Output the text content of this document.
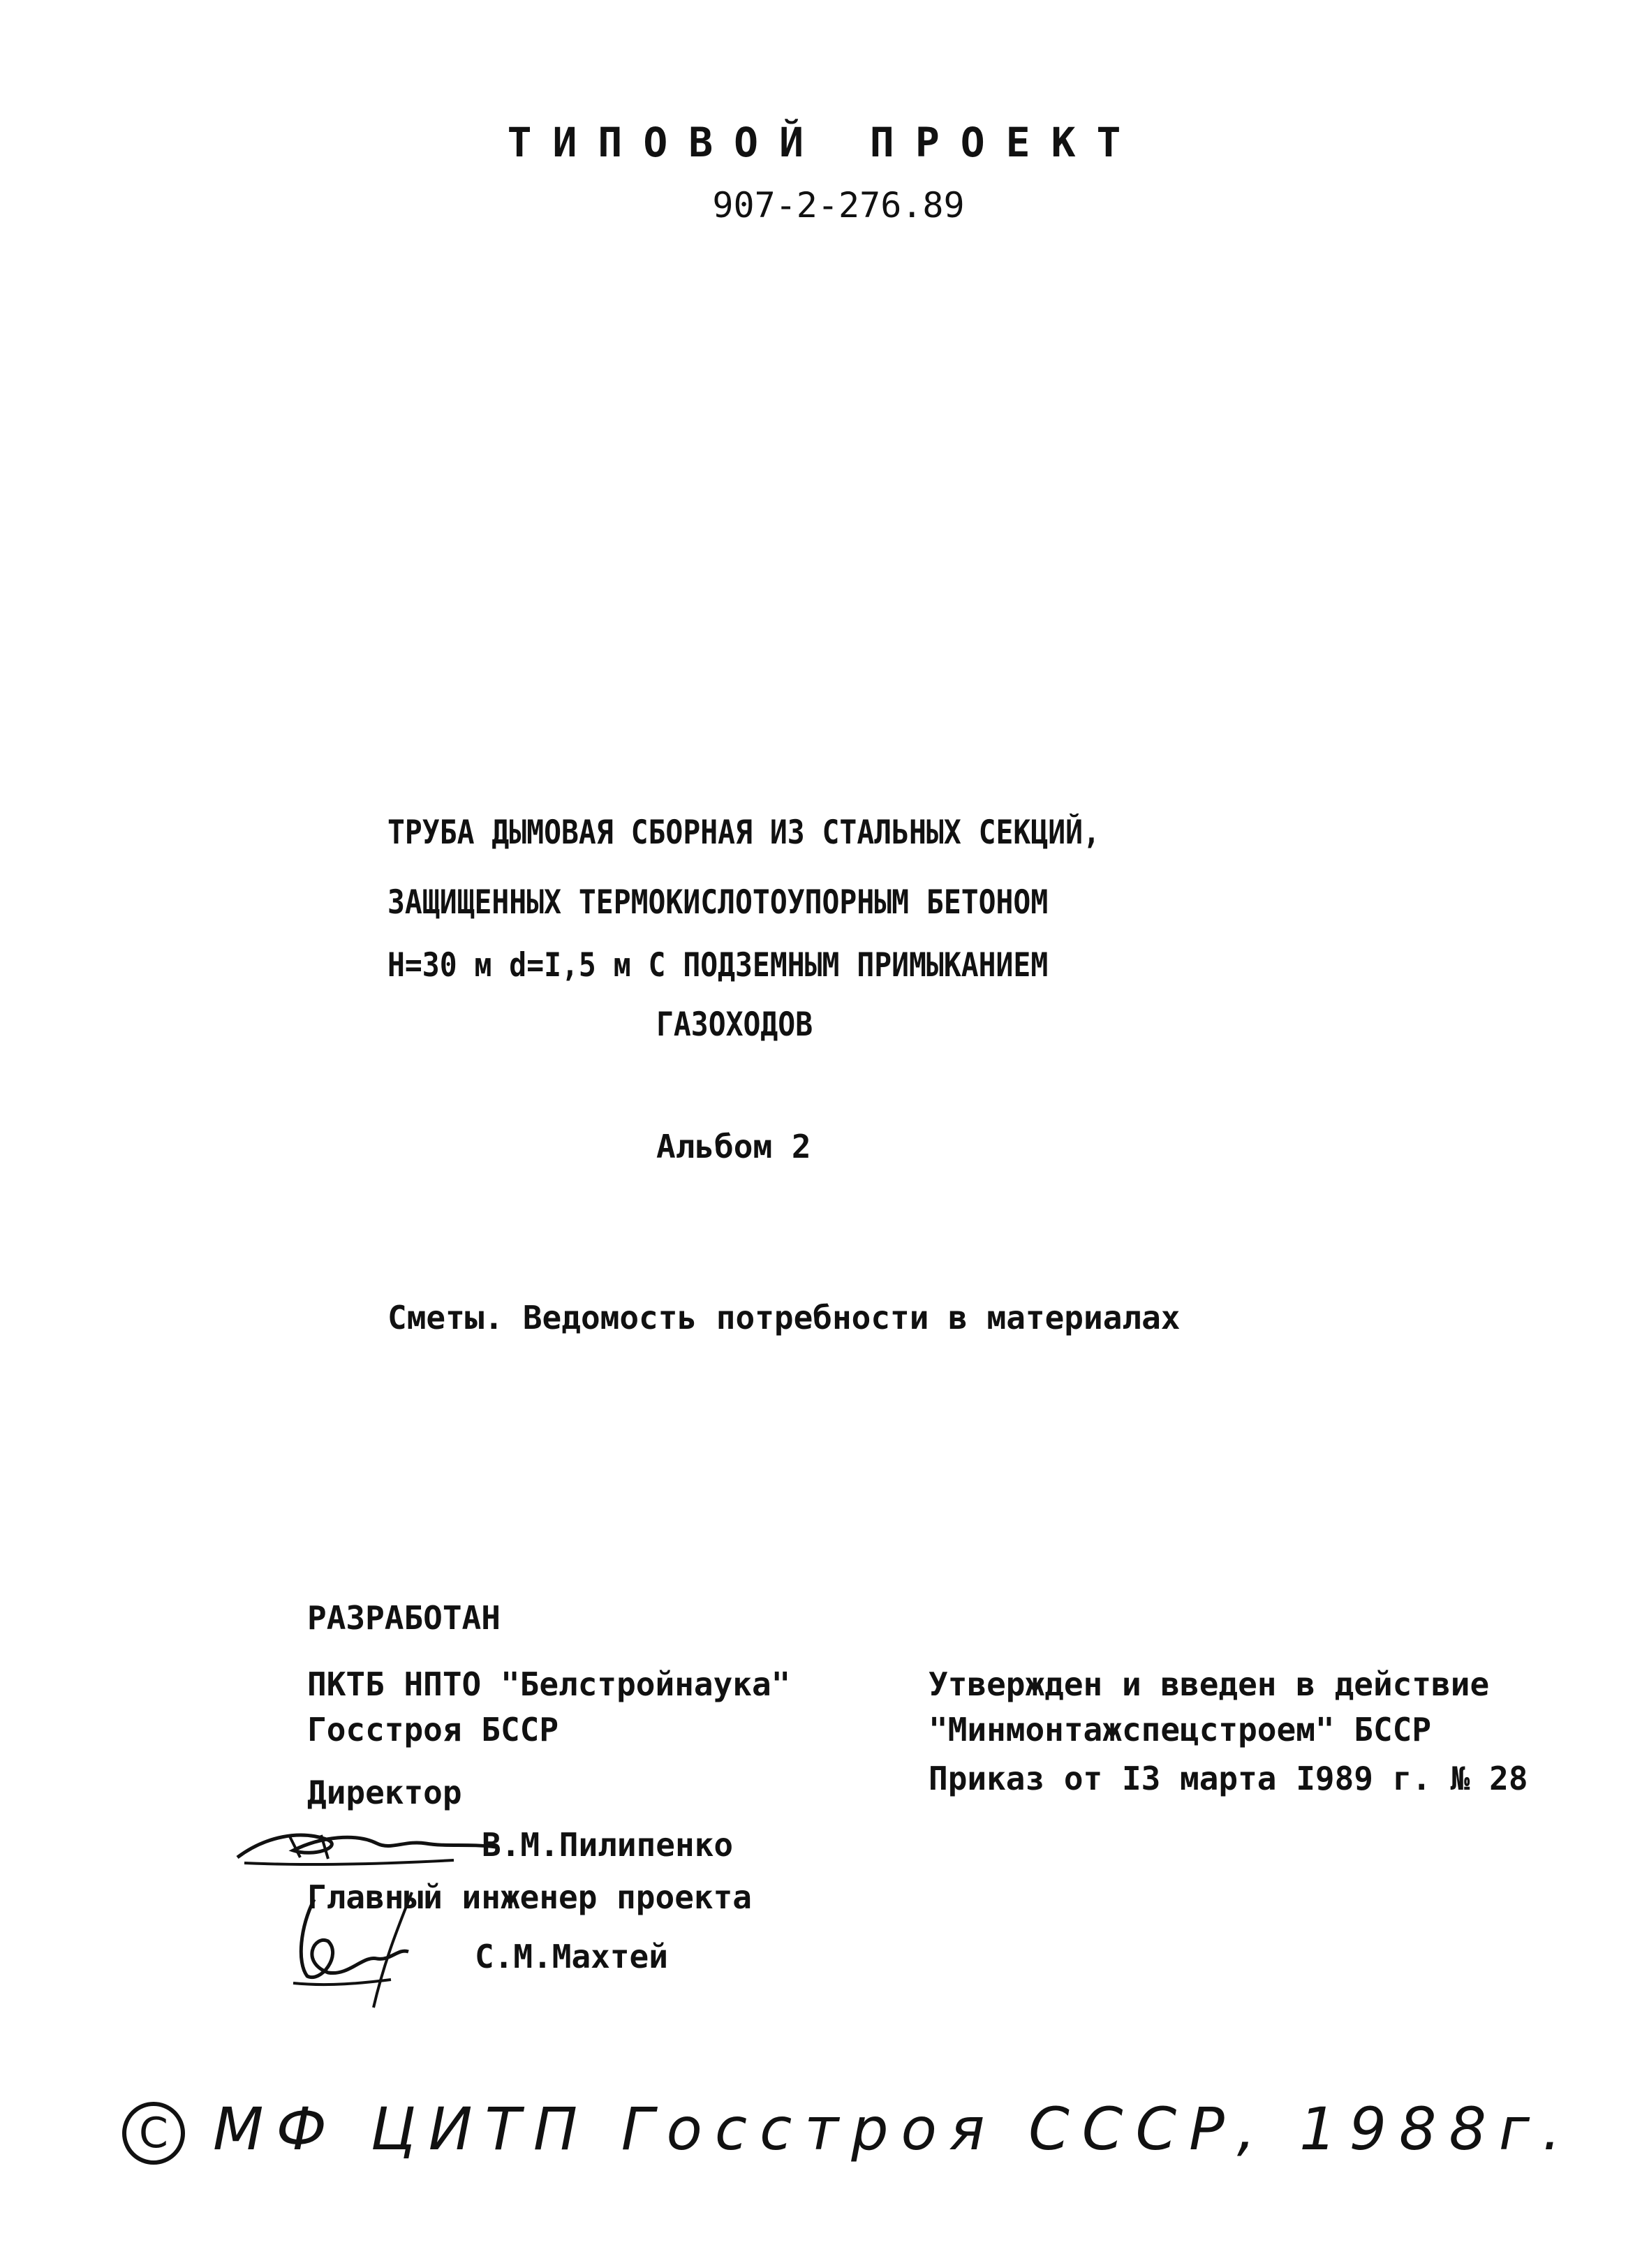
ТИПОВОЙ ПРОЕКТ
907-2-276.89
ТРУБА ДЫМОВАЯ СБОРНАЯ ИЗ СТАЛЬНЫХ СЕКЦИЙ,
ЗАЩИЩЕННЫХ ТЕРМОКИСЛОТОУПОРНЫМ БЕТОНОМ
Н=30 м d=I,5 м С ПОДЗЕМНЫМ ПРИМЫКАНИЕМ
ГАЗОХОДОВ
Альбом 2
Сметы. Ведомость потребности в материалах
РАЗРАБОТАН
ПКТБ НПТО "Белстройнаука"
Госстроя БССР
Директор
В.М.Пилипенко
Главный инженер проекта
С.М.Махтей
Утвержден и введен в действие
"Минмонтажспецстроем" БССР
Приказ от I3 марта I989 г. № 28
C МФ ЦИТП Госстроя СССР, 1988г.
